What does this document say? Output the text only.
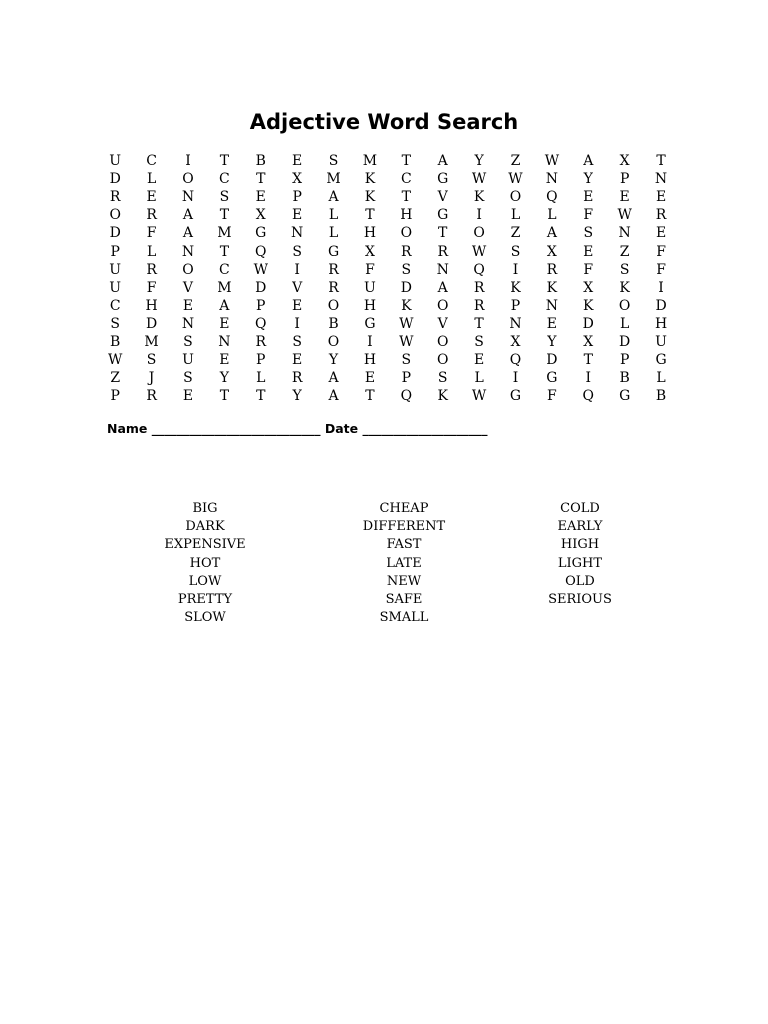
Adjective Word Search
U	C	I	T	B	E	S	M	T	A	Y	Z	W	A	X	T
D	L	O	C	T	X	M	K	C	G	W	W	N	Y	P	N
R	E	N	S	E	P	A	K	T	V	K	O	Q	E	E	E
O	R	A	T	X	E	L	T	H	G	I	L	L	F	W	R
D	F	A	M	G	N	L	H	O	T	O	Z	A	S	N	E
P	L	N	T	Q	S	G	X	R	R	W	S	X	E	Z	F
U	R	O	C	W	I	R	F	S	N	Q	I	R	F	S	F
U	F	V	M	D	V	R	U	D	A	R	K	K	X	K	I
C	H	E	A	P	E	O	H	K	O	R	P	N	K	O	D
S	D	N	E	Q	I	B	G	W	V	T	N	E	D	L	H
B	M	S	N	R	S	O	I	W	O	S	X	Y	X	D	U
W	S	U	E	P	E	Y	H	S	O	E	Q	D	T	P	G
Z	J	S	Y	L	R	A	E	P	S	L	I	G	I	B	L
P	R	E	T	T	Y	A	T	Q	K	W	G	F	Q	G	B
Name ___________________________ Date ____________________
BIG
DARK
EXPENSIVE
HOT
LOW
PRETTY
SLOW
CHEAP
DIFFERENT
FAST
LATE
NEW
SAFE
SMALL
COLD
EARLY
HIGH
LIGHT
OLD
SERIOUS
